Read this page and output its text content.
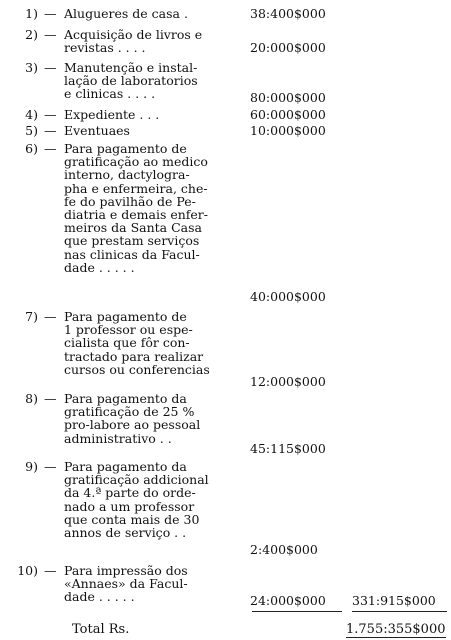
1) — Alugueres de casa .	38:400$000
2) — Acquisição de livros e
revistas . . . .	20:000$000
3) — Manutenção e instal-
lação de laboratorios
e clinicas . . . .	80:000$000
4) — Expediente . . .	60:000$000
5) — Eventuaes	10:000$000
6) — Para pagamento de
gratificação ao medico
interno, dactylogra-
pha e enfermeira, che-
fe do pavilhão de Pe-
diatria e demais enfer-
meiros da Santa Casa
que prestam serviços
nas clinicas da Facul-
dade . . . . .
40:000$000
7) — Para pagamento de
1 professor ou espe-
cialista que fôr con-
tractado para realizar
cursos ou conferencias
12:000$000
8) — Para pagamento da
gratificação de 25 %
pro-labore ao pessoal
administrativo . .
45:115$000
9) — Para pagamento da
gratificação addicional
da 4.ª parte do orde-
nado a um professor
que conta mais de 30
annos de serviço . .
2:400$000
10) — Para impressão dos
«Annaes» da Facul-
dade . . . . .	24:000$000	331:915$000
Total Rs.	1.755:355$000
